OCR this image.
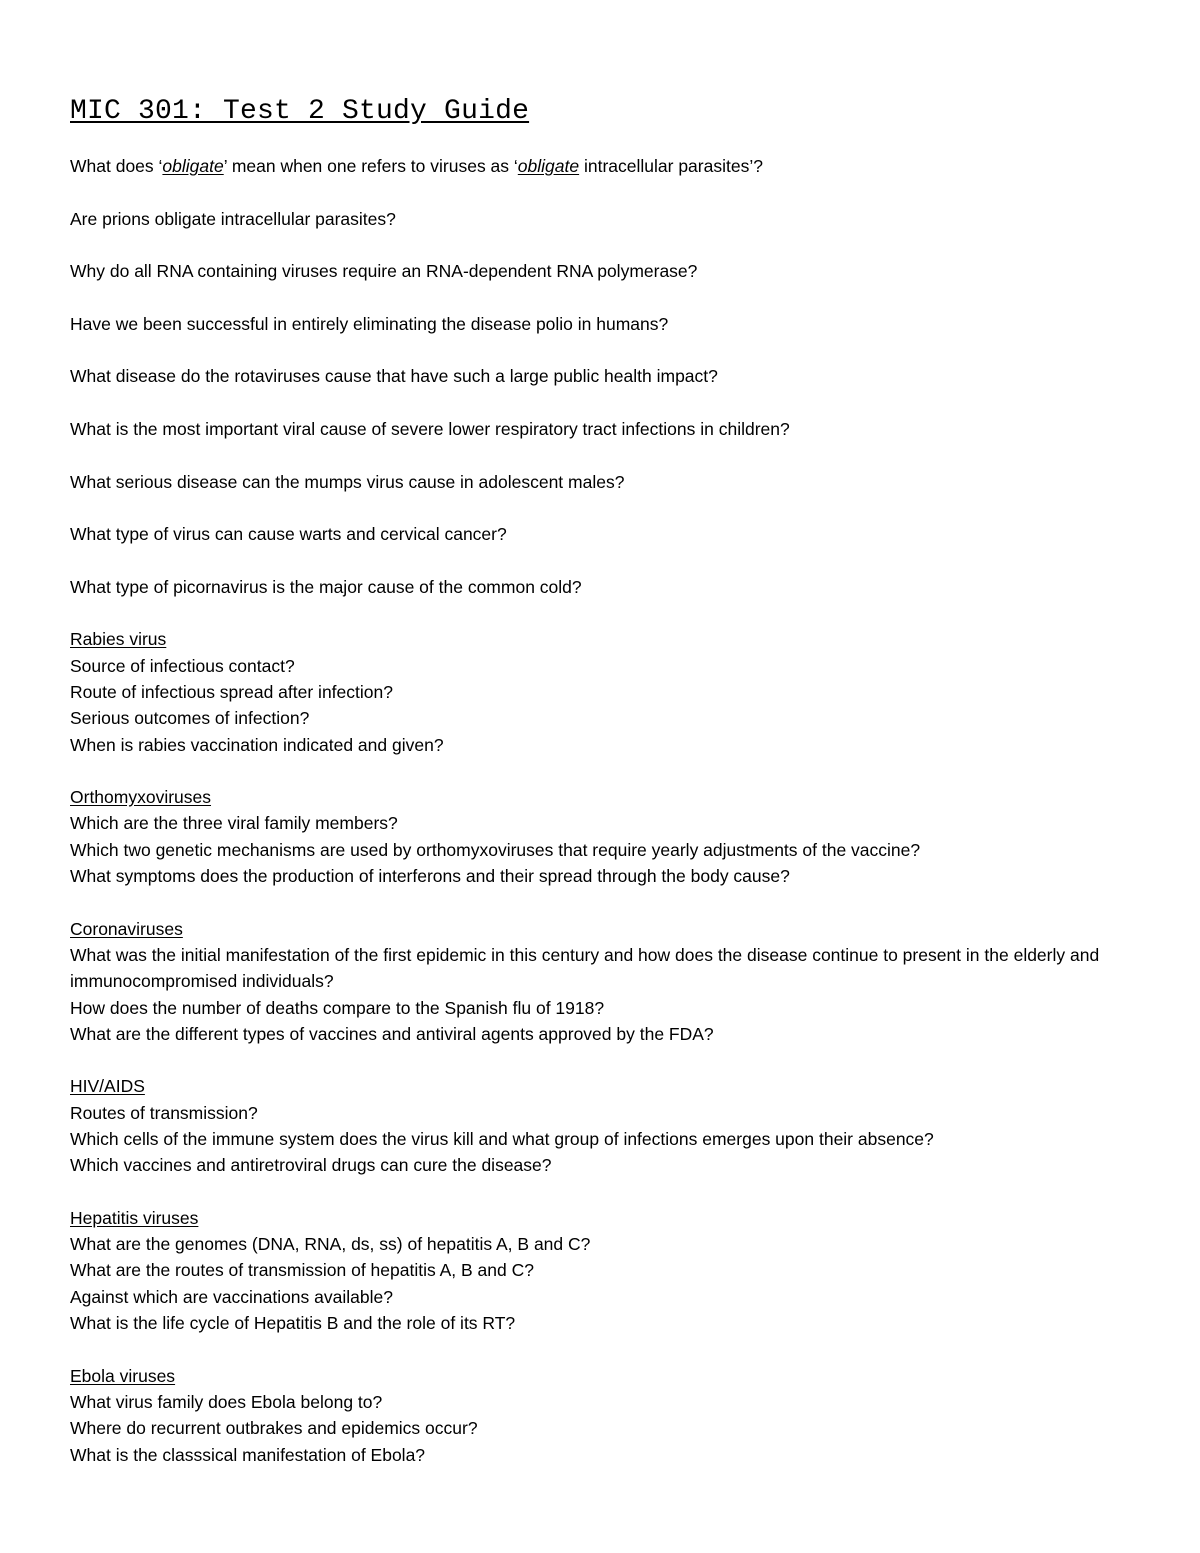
MIC 301: Test 2 Study Guide
What does ‘obligate’ mean when one refers to viruses as ‘obligate intracellular parasites’?
Are prions obligate intracellular parasites?
Why do all RNA containing viruses require an RNA-dependent RNA polymerase?
Have we been successful in entirely eliminating the disease polio in humans?
What disease do the rotaviruses cause that have such a large public health impact?
What is the most important viral cause of severe lower respiratory tract infections in children?
What serious disease can the mumps virus cause in adolescent males?
What type of virus can cause warts and cervical cancer?
What type of picornavirus is the major cause of the common cold?
Rabies virus
Source of infectious contact?
Route of infectious spread after infection?
Serious outcomes of infection?
When is rabies vaccination indicated and given?
Orthomyxoviruses
Which are the three viral family members?
Which two genetic mechanisms are used by orthomyxoviruses that require yearly adjustments of the vaccine?
What symptoms does the production of interferons and their spread through the body cause?
Coronaviruses
What was the initial manifestation of the first epidemic in this century and how does the disease continue to present in the elderly and immunocompromised individuals?
How does the number of deaths compare to the Spanish flu of 1918?
What are the different types of vaccines and antiviral agents approved by the FDA?
HIV/AIDS
Routes of transmission?
Which cells of the immune system does the virus kill and what group of infections emerges upon their absence?
Which vaccines and antiretroviral drugs can cure the disease?
Hepatitis viruses
What are the genomes (DNA, RNA, ds, ss) of hepatitis A, B and C?
What are the routes of transmission of hepatitis A, B and C?
Against which are vaccinations available?
What is the life cycle of Hepatitis B and the role of its RT?
Ebola viruses
What virus family does Ebola belong to?
Where do recurrent outbrakes and epidemics occur?
What is the classsical manifestation of Ebola?
